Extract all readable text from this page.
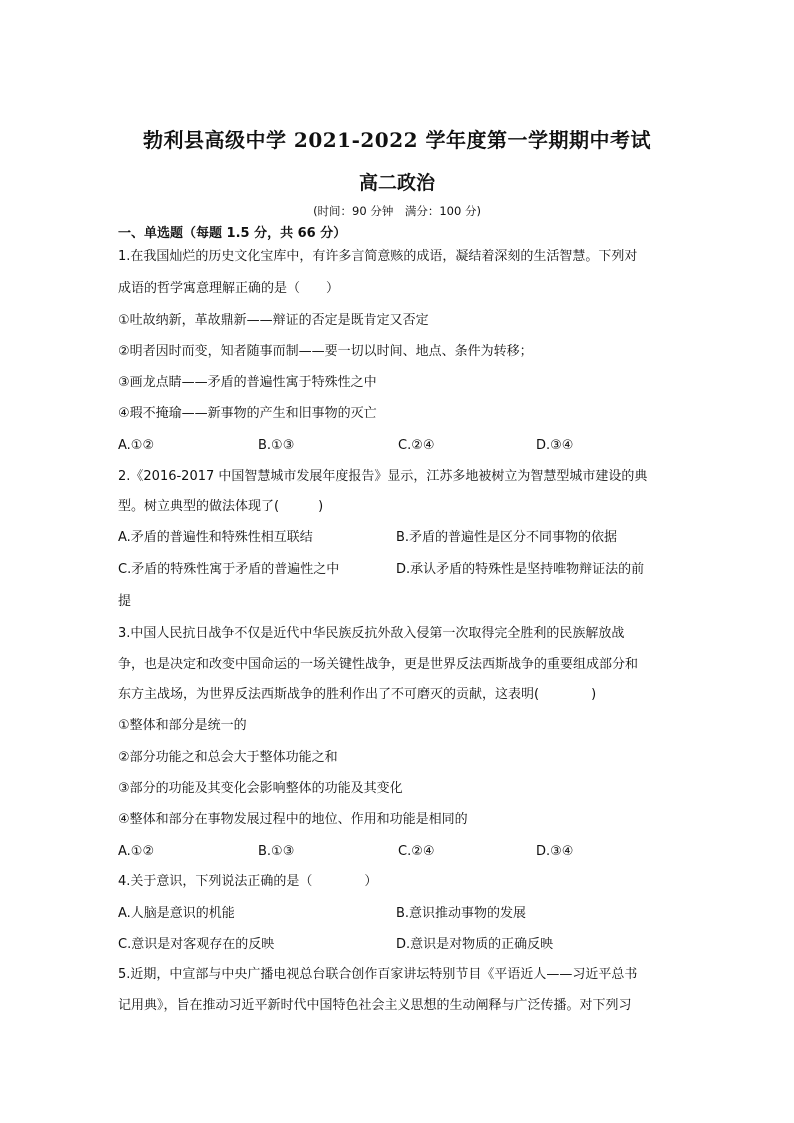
勃利县高级中学 2021-2022 学年度第一学期期中考试
高二政治
(时间：90 分钟　满分：100 分)
一、单选题（每题 1.5 分，共 66 分）
1.在我国灿烂的历史文化宝库中，有许多言简意赅的成语，凝结着深刻的生活智慧。下列对
成语的哲学寓意理解正确的是（　　）
①吐故纳新，革故鼎新——辩证的否定是既肯定又否定
②明者因时而变，知者随事而制——要一切以时间、地点、条件为转移；
③画龙点睛——矛盾的普遍性寓于特殊性之中
④瑕不掩瑜——新事物的产生和旧事物的灭亡
A.①②	B.①③	C.②④	D.③④
2.《2016-2017 中国智慧城市发展年度报告》显示，江苏多地被树立为智慧型城市建设的典
型。树立典型的做法体现了(　　　)
A.矛盾的普遍性和特殊性相互联结	B.矛盾的普遍性是区分不同事物的依据
C.矛盾的特殊性寓于矛盾的普遍性之中	D.承认矛盾的特殊性是坚持唯物辩证法的前
提
3.中国人民抗日战争不仅是近代中华民族反抗外敌入侵第一次取得完全胜利的民族解放战
争，也是决定和改变中国命运的一场关键性战争，更是世界反法西斯战争的重要组成部分和
东方主战场，为世界反法西斯战争的胜利作出了不可磨灭的贡献，这表明(　　　　)
①整体和部分是统一的
②部分功能之和总会大于整体功能之和
③部分的功能及其变化会影响整体的功能及其变化
④整体和部分在事物发展过程中的地位、作用和功能是相同的
A.①②	B.①③	C.②④	D.③④
4.关于意识，下列说法正确的是（　　　　）
A.人脑是意识的机能	B.意识推动事物的发展
C.意识是对客观存在的反映	D.意识是对物质的正确反映
5.近期，中宣部与中央广播电视总台联合创作百家讲坛特别节目《平语近人——习近平总书
记用典》，旨在推动习近平新时代中国特色社会主义思想的生动阐释与广泛传播。对下列习
